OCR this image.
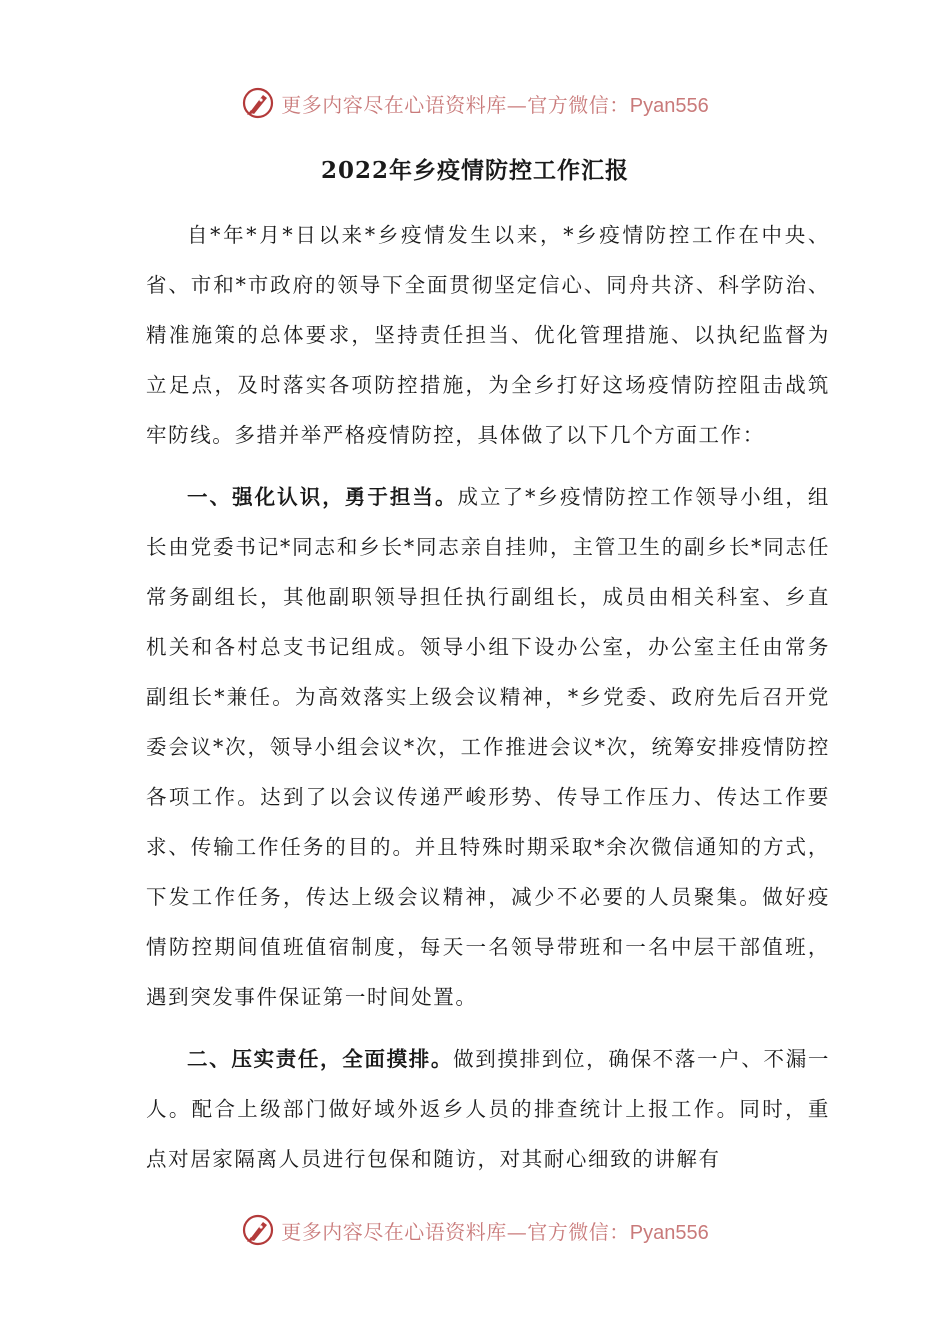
更多内容尽在心语资料库—官方微信：Pyan556
2022年乡疫情防控工作汇报

自*年*月*日以来*乡疫情发生以来，*乡疫情防控工作在中央、省、市和*市政府的领导下全面贯彻坚定信心、同舟共济、科学防治、精准施策的总体要求，坚持责任担当、优化管理措施、以执纪监督为立足点，及时落实各项防控措施，为全乡打好这场疫情防控阻击战筑牢防线。多措并举严格疫情防控，具体做了以下几个方面工作：

一、强化认识，勇于担当。成立了*乡疫情防控工作领导小组，组长由党委书记*同志和乡长*同志亲自挂帅，主管卫生的副乡长*同志任常务副组长，其他副职领导担任执行副组长，成员由相关科室、乡直机关和各村总支书记组成。领导小组下设办公室，办公室主任由常务副组长*兼任。为高效落实上级会议精神，*乡党委、政府先后召开党委会议*次，领导小组会议*次，工作推进会议*次，统筹安排疫情防控各项工作。达到了以会议传递严峻形势、传导工作压力、传达工作要求、传输工作任务的目的。并且特殊时期采取*余次微信通知的方式，下发工作任务，传达上级会议精神，减少不必要的人员聚集。做好疫情防控期间值班值宿制度，每天一名领导带班和一名中层干部值班，遇到突发事件保证第一时间处置。

二、压实责任，全面摸排。做到摸排到位，确保不落一户、不漏一人。配合上级部门做好域外返乡人员的排查统计上报工作。同时，重点对居家隔离人员进行包保和随访，对其耐心细致的讲解有

更多内容尽在心语资料库—官方微信：Pyan556
